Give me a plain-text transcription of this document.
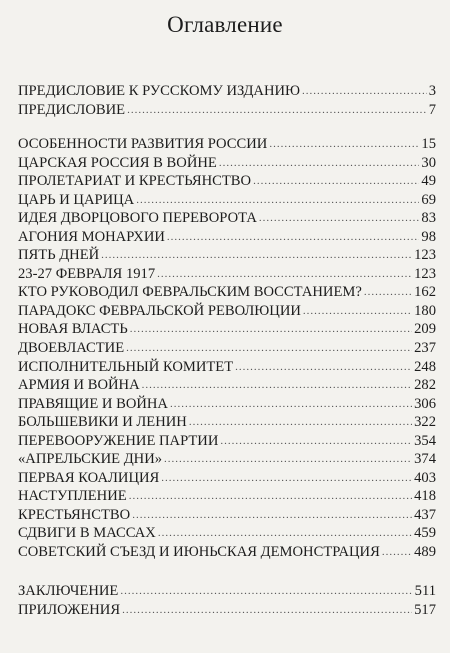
Оглавление
ПРЕДИСЛОВИЕ К РУССКОМУ ИЗДАНИЮ .....	3
ПРЕДИСЛОВИЕ .....	7
ОСОБЕННОСТИ РАЗВИТИЯ РОССИИ .....	15
ЦАРСКАЯ РОССИЯ В ВОЙНЕ .....	30
ПРОЛЕТАРИАТ И КРЕСТЬЯНСТВО .....	49
ЦАРЬ И ЦАРИЦА .....	69
ИДЕЯ ДВОРЦОВОГО ПЕРЕВОРОТА .....	83
АГОНИЯ МОНАРХИИ .....	98
ПЯТЬ ДНЕЙ .....	123
23-27 ФЕВРАЛЯ 1917 .....	123
КТО РУКОВОДИЛ ФЕВРАЛЬСКИМ ВОССТАНИЕМ? .....	162
ПАРАДОКС ФЕВРАЛЬСКОЙ РЕВОЛЮЦИИ .....	180
НОВАЯ ВЛАСТЬ .....	209
ДВОЕВЛАСТИЕ .....	237
ИСПОЛНИТЕЛЬНЫЙ КОМИТЕТ .....	248
АРМИЯ И ВОЙНА .....	282
ПРАВЯЩИЕ И ВОЙНА .....	306
БОЛЬШЕВИКИ И ЛЕНИН .....	322
ПЕРЕВООРУЖЕНИЕ ПАРТИИ .....	354
«АПРЕЛЬСКИЕ ДНИ» .....	374
ПЕРВАЯ КОАЛИЦИЯ .....	403
НАСТУПЛЕНИЕ .....	418
КРЕСТЬЯНСТВО .....	437
СДВИГИ В МАССАХ .....	459
СОВЕТСКИЙ СЪЕЗД И ИЮНЬСКАЯ ДЕМОНСТРАЦИЯ ..... 489
ЗАКЛЮЧЕНИЕ .....	511
ПРИЛОЖЕНИЯ .....	517
